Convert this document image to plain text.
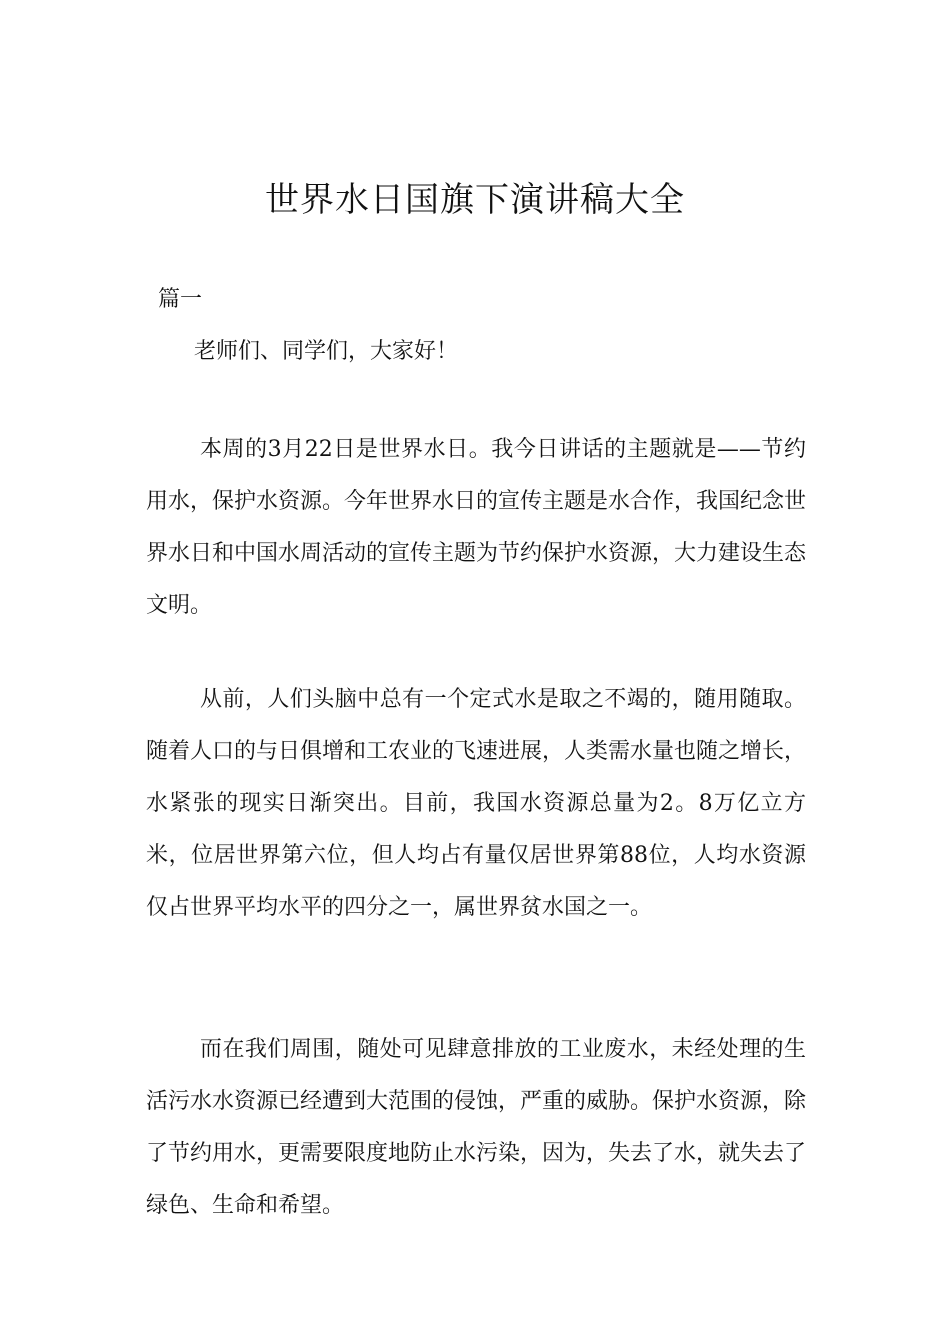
世界水日国旗下演讲稿大全

篇一

老师们、同学们，大家好！

本周的3月22日是世界水日。我今日讲话的主题就是——节约用水，保护水资源。今年世界水日的宣传主题是水合作，我国纪念世界水日和中国水周活动的宣传主题为节约保护水资源，大力建设生态文明。

从前，人们头脑中总有一个定式水是取之不竭的，随用随取。随着人口的与日俱增和工农业的飞速进展，人类需水量也随之增长，水紧张的现实日渐突出。目前，我国水资源总量为2。8万亿立方米，位居世界第六位，但人均占有量仅居世界第88位，人均水资源仅占世界平均水平的四分之一，属世界贫水国之一。

而在我们周围，随处可见肆意排放的工业废水，未经处理的生活污水水资源已经遭到大范围的侵蚀，严重的威胁。保护水资源，除了节约用水，更需要限度地防止水污染，因为，失去了水，就失去了绿色、生命和希望。
